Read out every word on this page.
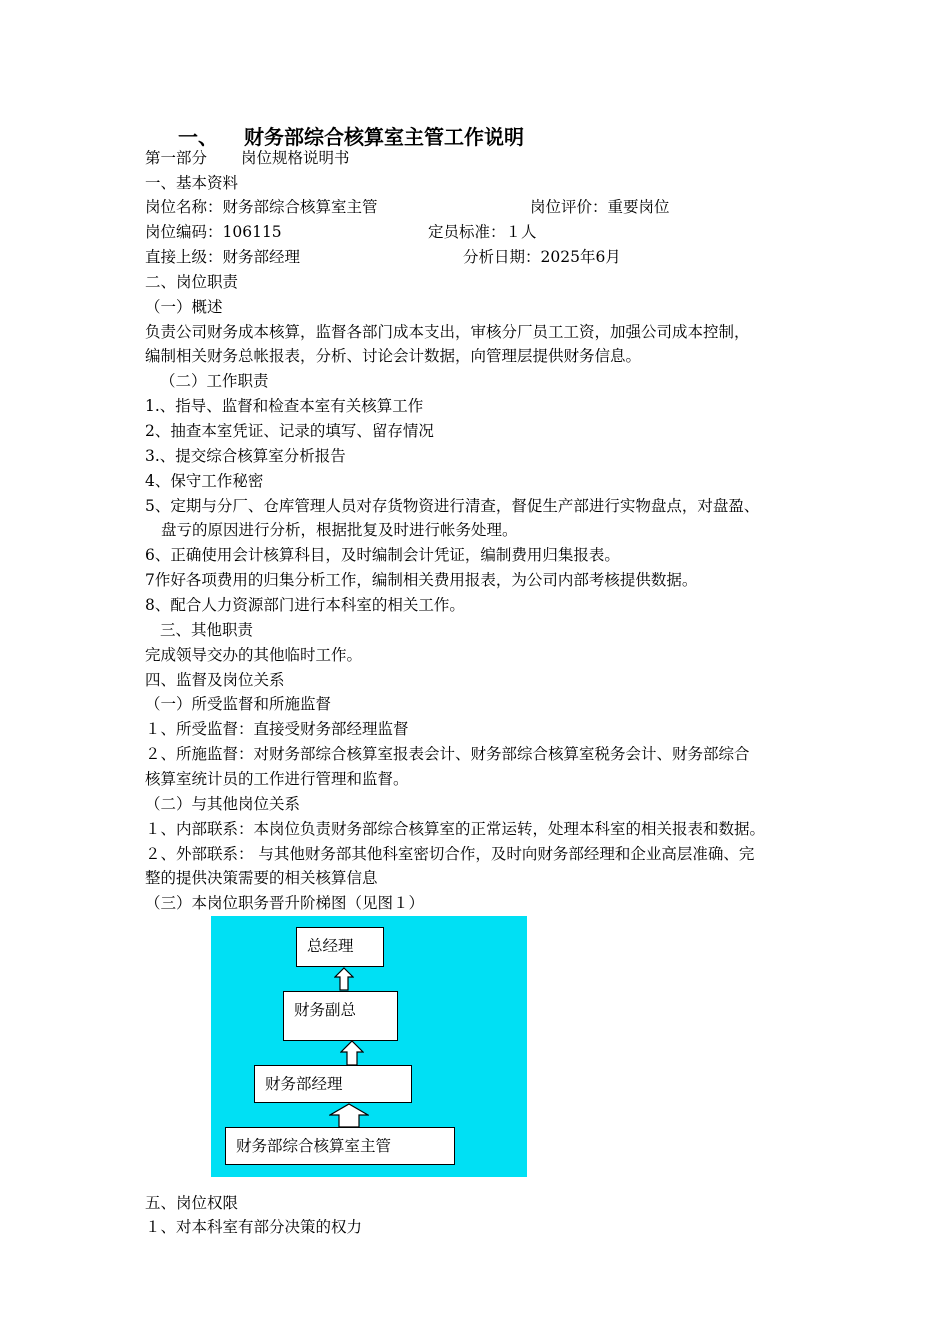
一、 财务部综合核算室主管工作说明
第一部分 岗位规格说明书
一、基本资料
岗位名称：财务部综合核算室主管	岗位评价：重要岗位
岗位编码：106115	定员标准：１人
直接上级：财务部经理	分析日期：2025年6月
二、岗位职责
（一）概述
负责公司财务成本核算，监督各部门成本支出，审核分厂员工工资，加强公司成本控制，
编制相关财务总帐报表，分析、讨论会计数据，向管理层提供财务信息。
（二）工作职责
1.、指导、监督和检查本室有关核算工作
2、抽查本室凭证、记录的填写、留存情况
3.、提交综合核算室分析报告
4、保守工作秘密
5、定期与分厂、仓库管理人员对存货物资进行清查，督促生产部进行实物盘点，对盘盈、
盘亏的原因进行分析，根据批复及时进行帐务处理。
6、正确使用会计核算科目，及时编制会计凭证，编制费用归集报表。
7作好各项费用的归集分析工作，编制相关费用报表，为公司内部考核提供数据。
8、配合人力资源部门进行本科室的相关工作。
三、其他职责
完成领导交办的其他临时工作。
四、监督及岗位关系
（一）所受监督和所施监督
１、所受监督：直接受财务部经理监督
２、所施监督：对财务部综合核算室报表会计、财务部综合核算室税务会计、财务部综合
核算室统计员的工作进行管理和监督。
（二）与其他岗位关系
１、内部联系：本岗位负责财务部综合核算室的正常运转，处理本科室的相关报表和数据。
２、外部联系： 与其他财务部其他科室密切合作，及时向财务部经理和企业高层准确、完
整的提供决策需要的相关核算信息
（三）本岗位职务晋升阶梯图（见图１）
总经理
财务副总
财务部经理
财务部综合核算室主管
五、岗位权限
１、对本科室有部分决策的权力
